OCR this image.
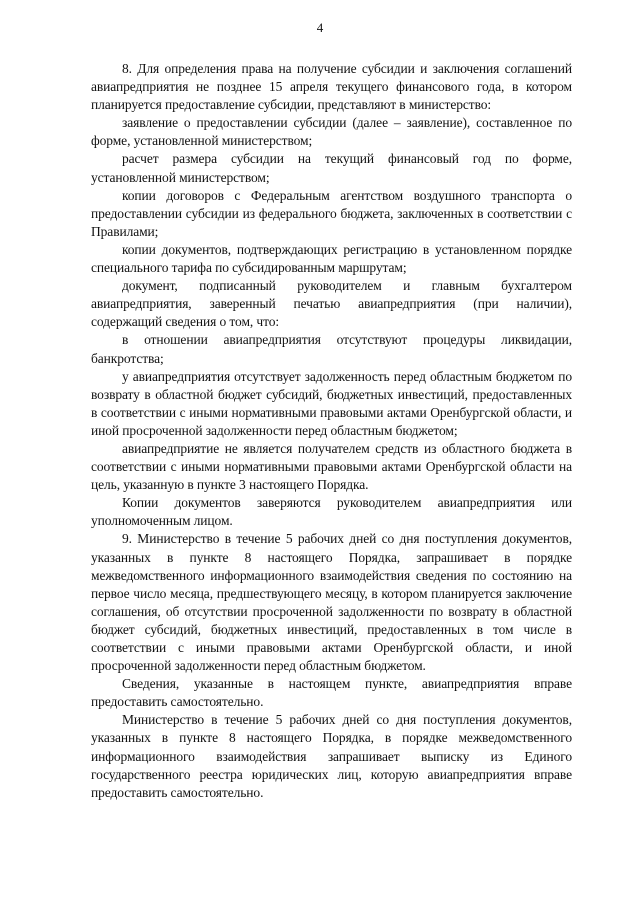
4

8. Для определения права на получение субсидии и заключения соглашений авиапредприятия не позднее 15 апреля текущего финансового года, в котором планируется предоставление субсидии, представляют в министерство:

заявление о предоставлении субсидии (далее – заявление), составленное по форме, установленной министерством;

расчет размера субсидии на текущий финансовый год по форме, установленной министерством;

копии договоров с Федеральным агентством воздушного транспорта о предоставлении субсидии из федерального бюджета, заключенных в соответствии с Правилами;

копии документов, подтверждающих регистрацию в установленном порядке специального тарифа по субсидированным маршрутам;

документ, подписанный руководителем и главным бухгалтером авиапредприятия, заверенный печатью авиапредприятия (при наличии), содержащий сведения о том, что:

в отношении авиапредприятия отсутствуют процедуры ликвидации, банкротства;

у авиапредприятия отсутствует задолженность перед областным бюджетом по возврату в областной бюджет субсидий, бюджетных инвестиций, предоставленных в соответствии с иными нормативными правовыми актами Оренбургской области, и иной просроченной задолженности перед областным бюджетом;

авиапредприятие не является получателем средств из областного бюджета в соответствии с иными нормативными правовыми актами Оренбургской области на цель, указанную в пункте 3 настоящего Порядка.

Копии документов заверяются руководителем авиапредприятия или уполномоченным лицом.

9. Министерство в течение 5 рабочих дней со дня поступления документов, указанных в пункте 8 настоящего Порядка, запрашивает в порядке межведомственного информационного взаимодействия сведения по состоянию на первое число месяца, предшествующего месяцу, в котором планируется заключение соглашения, об отсутствии просроченной задолженности по возврату в областной бюджет субсидий, бюджетных инвестиций, предоставленных в том числе в соответствии с иными правовыми актами Оренбургской области, и иной просроченной задолженности перед областным бюджетом.

Сведения, указанные в настоящем пункте, авиапредприятия вправе предоставить самостоятельно.

Министерство в течение 5 рабочих дней со дня поступления документов, указанных в пункте 8 настоящего Порядка, в порядке межведомственного информационного взаимодействия запрашивает выписку из Единого государственного реестра юридических лиц, которую авиапредприятия вправе предоставить самостоятельно.
